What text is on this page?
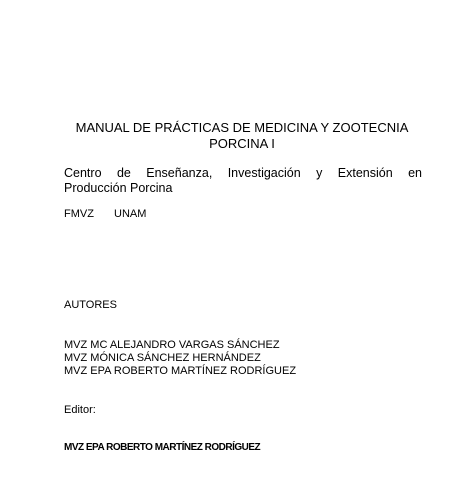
MANUAL DE PRÁCTICAS DE MEDICINA Y ZOOTECNIA
PORCINA I
Centro de Enseñanza, Investigación y Extensión en
Producción Porcina
FMVZ UNAM
AUTORES
MVZ MC ALEJANDRO VARGAS SÁNCHEZ
MVZ MÓNICA SÁNCHEZ HERNÁNDEZ
MVZ EPA ROBERTO MARTÍNEZ RODRÍGUEZ
Editor:
MVZ EPA ROBERTO MARTÍNEZ RODRÍGUEZ
